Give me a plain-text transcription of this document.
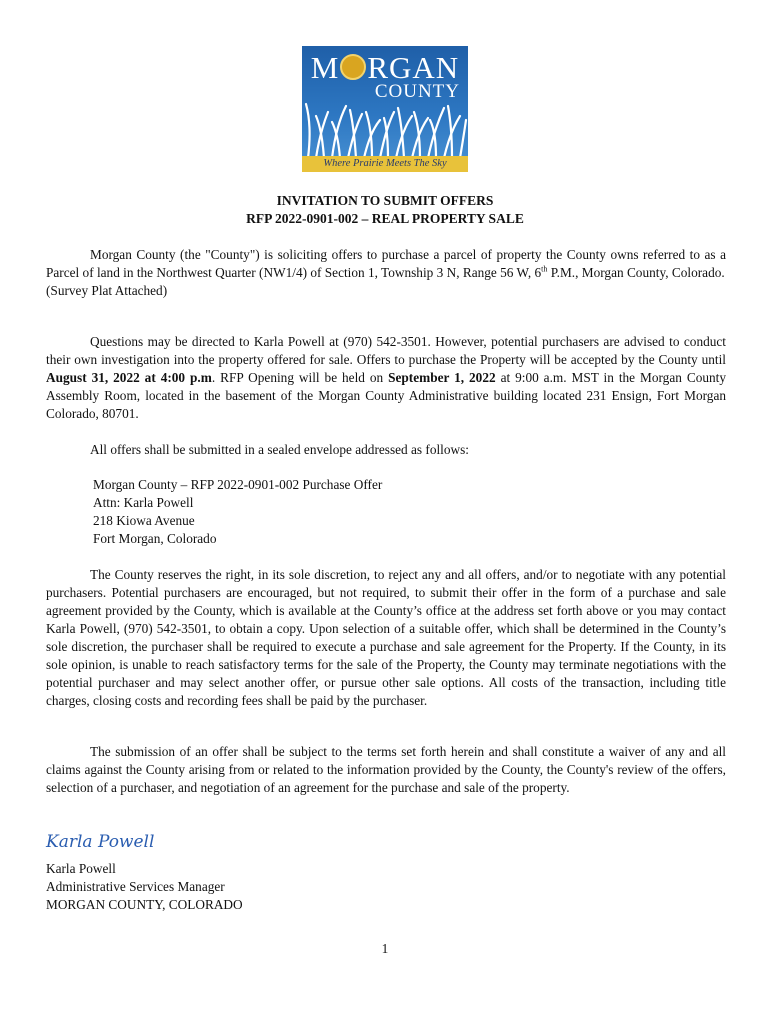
M RGAN
COUNTY
Where Prairie Meets The Sky
INVITATION TO SUBMIT OFFERS
RFP 2022-0901-002 – REAL PROPERTY SALE

Morgan County (the "County") is soliciting offers to purchase a parcel of property the County owns referred to as a Parcel of land in the Northwest Quarter (NW1/4) of Section 1, Township 3 N, Range 56 W, 6th P.M., Morgan County, Colorado.
(Survey Plat Attached)

Questions may be directed to Karla Powell at (970) 542-3501. However, potential purchasers are advised to conduct their own investigation into the property offered for sale. Offers to purchase the Property will be accepted by the County until August 31, 2022 at 4:00 p.m. RFP Opening will be held on September 1, 2022 at 9:00 a.m. MST in the Morgan County Assembly Room, located in the basement of the Morgan County Administrative building located 231 Ensign, Fort Morgan Colorado, 80701.

All offers shall be submitted in a sealed envelope addressed as follows:

Morgan County – RFP 2022-0901-002 Purchase Offer
Attn: Karla Powell
218 Kiowa Avenue
Fort Morgan, Colorado

The County reserves the right, in its sole discretion, to reject any and all offers, and/or to negotiate with any potential purchasers. Potential purchasers are encouraged, but not required, to submit their offer in the form of a purchase and sale agreement provided by the County, which is available at the County’s office at the address set forth above or you may contact Karla Powell, (970) 542-3501, to obtain a copy. Upon selection of a suitable offer, which shall be determined in the County’s sole discretion, the purchaser shall be required to execute a purchase and sale agreement for the Property. If the County, in its sole opinion, is unable to reach satisfactory terms for the sale of the Property, the County may terminate negotiations with the potential purchaser and may select another offer, or pursue other sale options. All costs of the transaction, including title charges, closing costs and recording fees shall be paid by the purchaser.

The submission of an offer shall be subject to the terms set forth herein and shall constitute a waiver of any and all claims against the County arising from or related to the information provided by the County, the County's review of the offers, selection of a purchaser, and negotiation of an agreement for the purchase and sale of the property.

Karla Powell
Karla Powell
Administrative Services Manager
MORGAN COUNTY, COLORADO
1
